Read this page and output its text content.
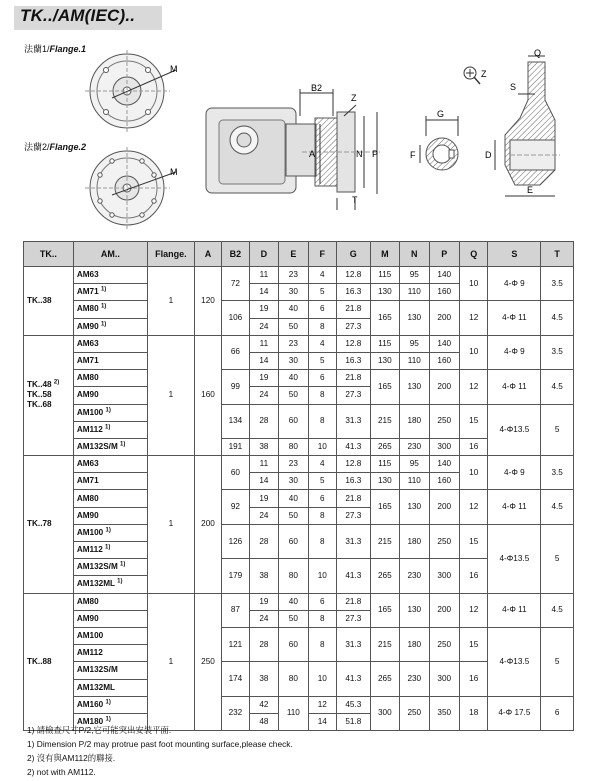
TK../AM(IEC)..
法蘭1/Flange.1
法蘭2/Flange.2
M
M
B2
Z
A	N P
T
G
F
Z
Q
S
D
E
TK..	AM..	Flange.	A	B2	D	E	F	G	M	N	P	Q	S	T

TK..38	AM63	1	120	72	11	23	4	12.8	115	95	140	10	4-Φ 9	3.5
	AM71 $^{1)}$				14	30	5	16.3	130	110	160			
	AM80 $^{1)}$			106	19	40	6	21.8	165	130	200	12	4-Φ 11	4.5
	AM90 $^{1)}$				24	50	8	27.3						

TK..48 $^{2)}$
TK..58
TK..68	AM63	1	160	66	11	23	4	12.8	115	95	140	10	4-Φ 9	3.5
	AM71				14	30	5	16.3	130	110	160			
	AM80			99	19	40	6	21.8	165	130	200	12	4-Φ 11	4.5
	AM90				24	50	8	27.3						
	AM100 $^{1)}$			134	28	60	8	31.3	215	180	250	15	4-Φ13.5	5
	AM112 $^{1)}$
	AM132S/M $^{1)}$			191	38	80	10	41.3	265	230	300	16		

TK..78	AM63	1	200	60	11	23	4	12.8	115	95	140	10	4-Φ 9	3.5
	AM71				14	30	5	16.3	130	110	160			
	AM80			92	19	40	6	21.8	165	130	200	12	4-Φ 11	4.5
	AM90				24	50	8	27.3						
	AM100 $^{1)}$			126	28	60	8	31.3	215	180	250	15	4-Φ13.5	5
	AM112 $^{1)}$
	AM132S/M $^{1)}$			179	38	80	10	41.3	265	230	300	16		
	AM132ML $^{1)}$

TK..88	AM80	1	250	87	19	40	6	21.8	165	130	200	12	4-Φ 11	4.5
	AM90				24	50	8	27.3						
	AM100			121	28	60	8	31.3	215	180	250	15	4-Φ13.5	5
	AM112													
	AM132S/M			174	38	80	10	41.3	265	230	300	16		
	AM132ML													
	AM160 $^{1)}$			232	42	110	12	45.3	300	250	350	18	4-Φ 17.5	6
	AM180 $^{1)}$				48		14	51.8						
1) 請檢查尺寸P/2,它可能突出安裝平面.
1) Dimension P/2 may protrue past foot mounting surface,please check.
2) 沒有與AM112的聯接.
2) not with AM112.
